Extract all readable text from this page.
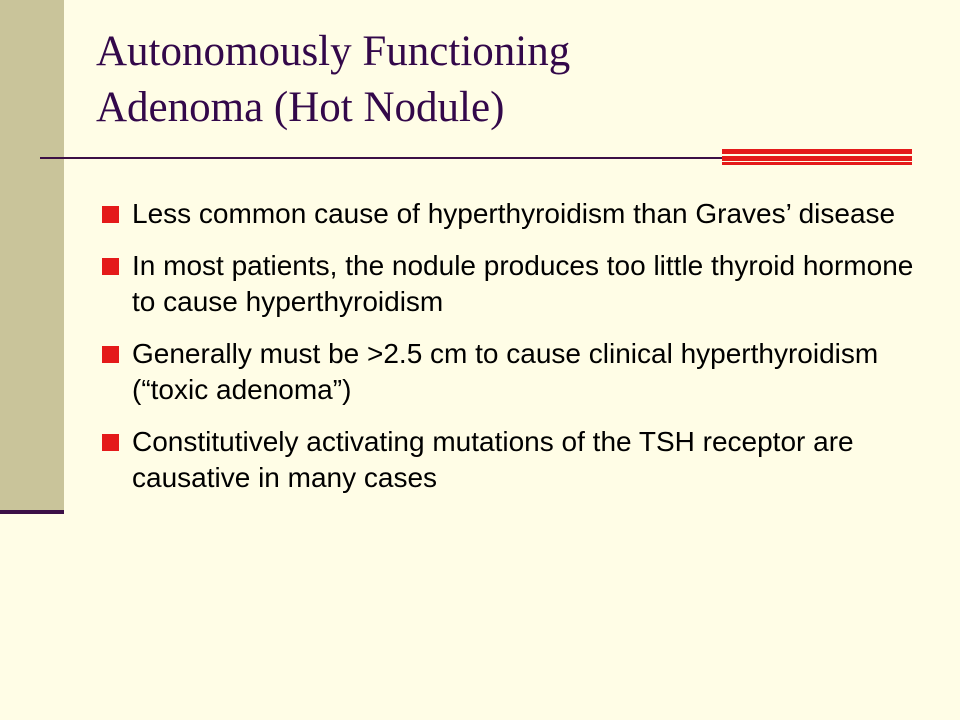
Autonomously Functioning
Adenoma (Hot Nodule)
Less common cause of hyperthyroidism than Graves’ disease
In most patients, the nodule produces too little thyroid hormone to cause hyperthyroidism
Generally must be >2.5 cm to cause clinical hyperthyroidism (“toxic adenoma”)
Constitutively activating mutations of the TSH receptor are causative in many cases
